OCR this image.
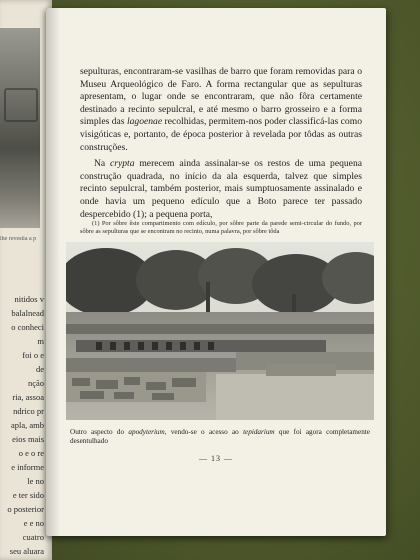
lhe revestia a p
nitidos v
balalnead
o conheci
m
foi o e
de
nção
ria, assoa
ndrico pr
apla, amb
eios mais
o e o re
e informe
le no
e ter sido
o posterior
e e no
cuatro
seu aluara

sepulturas, encontraram-se vasilhas de barro que foram removidas para o Museu Arqueológico de Faro. A forma rectangular que as sepulturas apresentam, o lugar onde se encontraram, que não fôra certamente destinado a recinto sepulcral, e até mesmo o barro grosseiro e a forma simples das lagoenae recolhidas, permitem-nos poder classificá-las como visigóticas e, portanto, de época posterior à revelada por tôdas as outras construções.

Na crypta merecem ainda assinalar-se os restos de uma pequena construção quadrada, no início da ala esquerda, talvez que simples recinto sepulcral, também posterior, mais sumptuosamente assinalado e onde havia um pequeno edículo que a Boto parece ter passado despercebido (1); a pequena porta,

(1) Por sôbre êste compartimento com edículo, por sôbre parte da parede semi-circular do fundo, por sôbre as sepulturas que se encontram no recinto, numa palavra, por sôbre tôda
Outro aspecto do apodyterium, vendo-se o acesso ao tepidarium que foi agora completamente desentulhado
— 13 —
